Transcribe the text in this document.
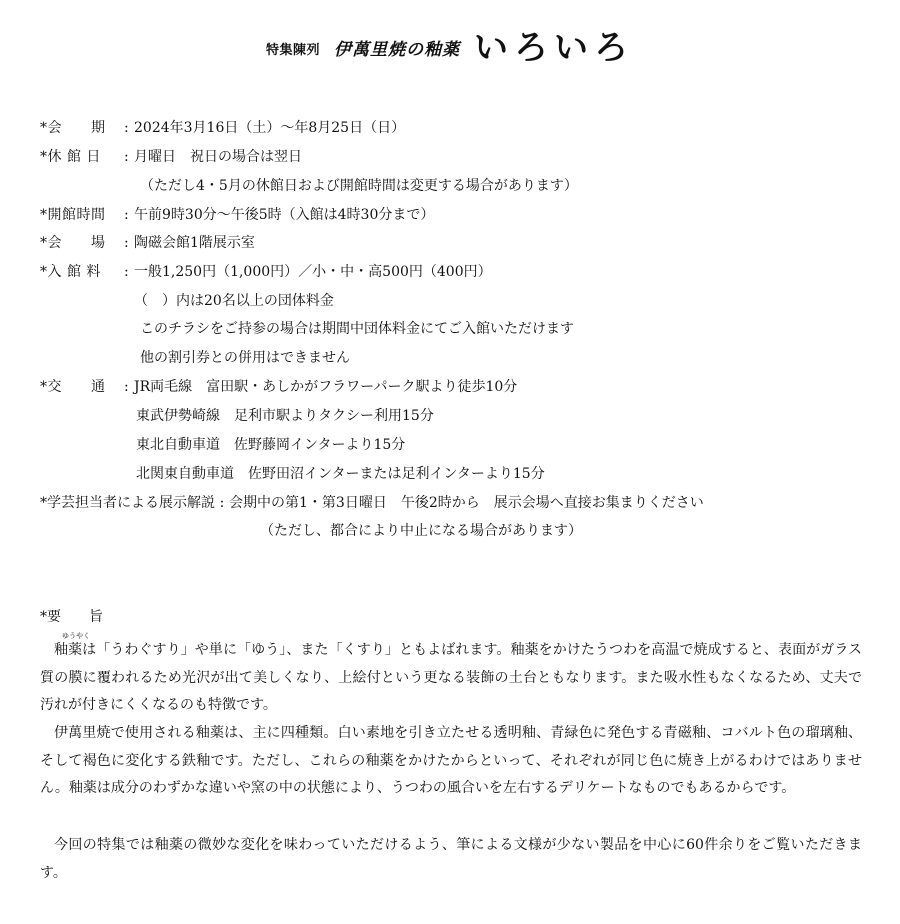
特集陳列 伊萬里焼の釉薬 いろいろ
*会　　期 : 2024年3月16日（土）〜年8月25日（日）
*休 館 日 : 月曜日　祝日の場合は翌日
（ただし4・5月の休館日および開館時間は変更する場合があります）
*開館時間 : 午前9時30分〜午後5時（入館は4時30分まで）
*会　　場 : 陶磁会館1階展示室
*入 館 料 : 一般1,250円（1,000円）／小・中・高500円（400円）
（　）内は20名以上の団体料金
このチラシをご持参の場合は期間中団体料金にてご入館いただけます
他の割引券との併用はできません
*交　　通 : JR両毛線　富田駅・あしかがフラワーパーク駅より徒歩10分
東武伊勢崎線　足利市駅よりタクシー利用15分
東北自動車道　佐野藤岡インターより15分
北関東自動車道　佐野田沼インターまたは足利インターより15分
*学芸担当者による展示解説 : 会期中の第1・第3日曜日　午後2時から　展示会場へ直接お集まりください
（ただし、都合により中止になる場合があります）
*要　　旨
ゆうやく
釉薬は「うわぐすり」や単に「ゆう」、また「くすり」ともよばれます。釉薬をかけたうつわを高温で焼成すると、表面がガラス質の膜に覆われるため光沢が出て美しくなり、上絵付という更なる装飾の土台ともなります。また吸水性もなくなるため、丈夫で汚れが付きにくくなるのも特徴です。
伊萬里焼で使用される釉薬は、主に四種類。白い素地を引き立たせる透明釉、青緑色に発色する青磁釉、コバルト色の瑠璃釉、そして褐色に変化する鉄釉です。ただし、これらの釉薬をかけたからといって、それぞれが同じ色に焼き上がるわけではありません。釉薬は成分のわずかな違いや窯の中の状態により、うつわの風合いを左右するデリケートなものでもあるからです。
今回の特集では釉薬の微妙な変化を味わっていただけるよう、筆による文様が少ない製品を中心に60件余りをご覧いただきます。
